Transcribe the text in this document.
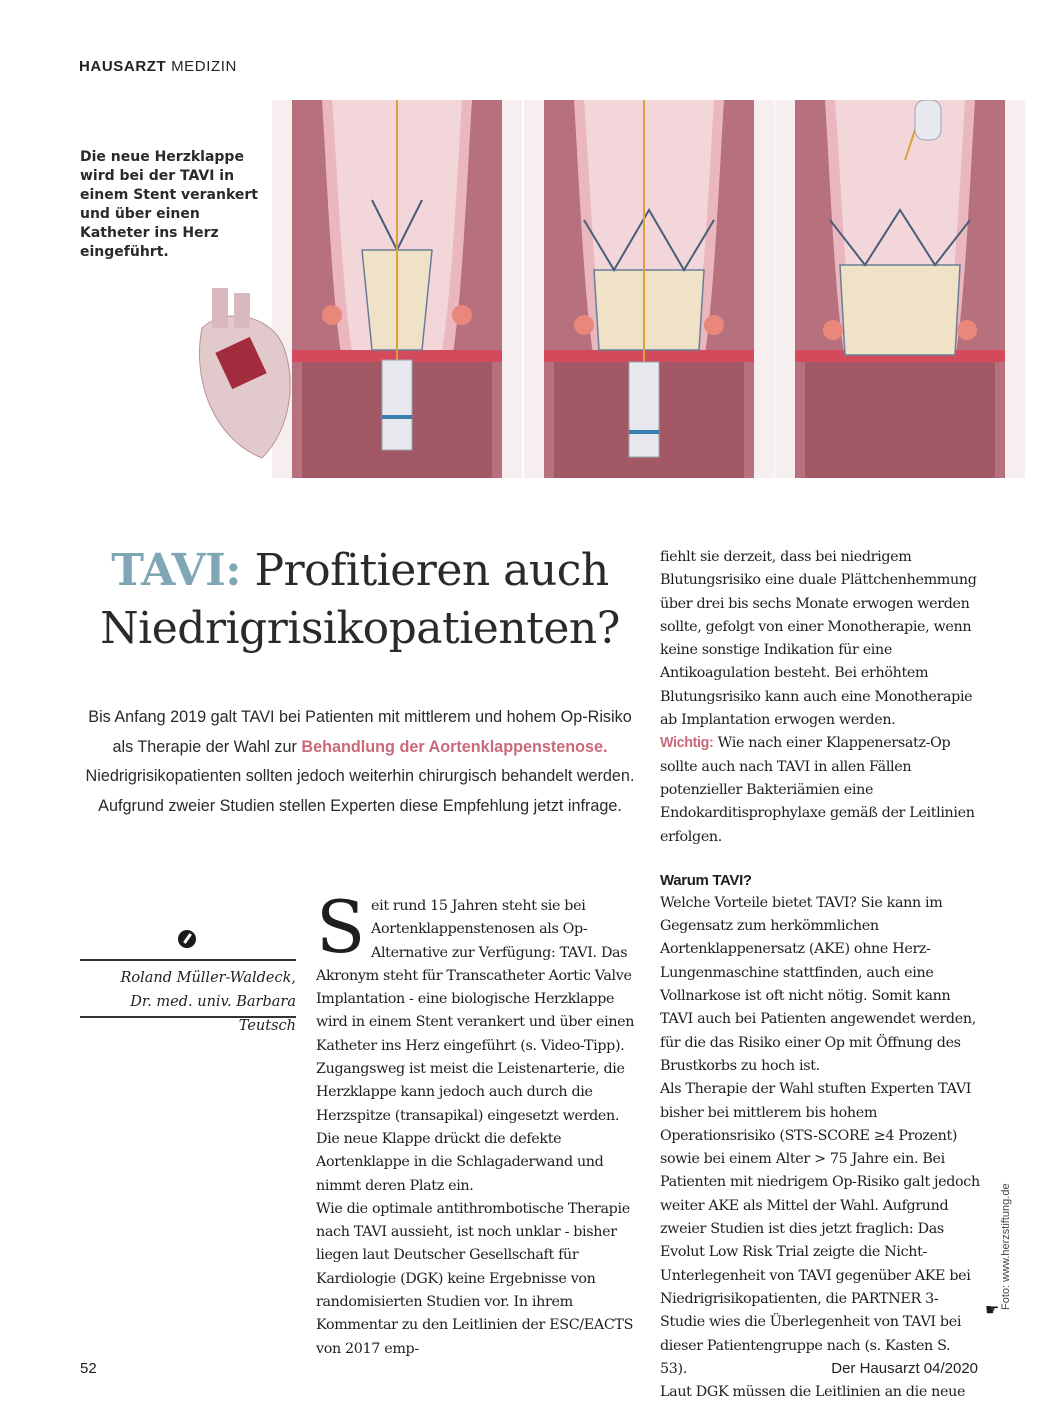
HAUSARZT MEDIZIN
Die neue Herzklappe wird bei der TAVI in einem Stent verankert und über einen Katheter ins Herz eingeführt.
TAVI: Profitieren auch
Niedrigrisikopatienten?
Bis Anfang 2019 galt TAVI bei Patienten mit mittlerem und hohem Op-Risiko als Therapie der Wahl zur Behandlung der Aortenklappenstenose. Niedrigrisikopatienten sollten jedoch weiterhin chirurgisch behandelt werden. Aufgrund zweier Studien stellen Experten diese Empfehlung jetzt infrage.
Roland Müller-Waldeck,
Dr. med. univ. Barbara Teutsch

Seit rund 15 Jahren steht sie bei Aortenklappenstenosen als Op-Alternative zur Verfügung: TAVI. Das Akronym steht für Transcatheter Aortic Valve Implantation - eine biologische Herzklappe wird in einem Stent verankert und über einen Katheter ins Herz eingeführt (s. Video-Tipp). Zugangsweg ist meist die Leistenarterie, die Herzklappe kann jedoch auch durch die Herzspitze (transapikal) eingesetzt werden. Die neue Klappe drückt die defekte Aortenklappe in die Schlagaderwand und nimmt deren Platz ein.

Wie die optimale antithrombotische Therapie nach TAVI aussieht, ist noch unklar - bisher liegen laut Deutscher Gesellschaft für Kardiologie (DGK) keine Ergebnisse von randomisierten Studien vor. In ihrem Kommentar zu den Leitlinien der ESC/EACTS von 2017 emp-

fiehlt sie derzeit, dass bei niedrigem Blutungsrisiko eine duale Plättchenhemmung über drei bis sechs Monate erwogen werden sollte, gefolgt von einer Monotherapie, wenn keine sonstige Indikation für eine Antikoagulation besteht. Bei erhöhtem Blutungsrisiko kann auch eine Monotherapie ab Implantation erwogen werden.

Wichtig: Wie nach einer Klappenersatz-Op sollte auch nach TAVI in allen Fällen potenzieller Bakteriämien eine Endokarditisprophylaxe gemäß der Leitlinien erfolgen.

Warum TAVI?

Welche Vorteile bietet TAVI? Sie kann im Gegensatz zum herkömmlichen Aortenklappenersatz (AKE) ohne Herz-Lungenmaschine stattfinden, auch eine Vollnarkose ist oft nicht nötig. Somit kann TAVI auch bei Patienten angewendet werden, für die das Risiko einer Op mit Öffnung des Brustkorbs zu hoch ist.

Als Therapie der Wahl stuften Experten TAVI bisher bei mittlerem bis hohem Operationsrisiko (STS-SCORE ≥4 Prozent) sowie bei einem Alter > 75 Jahre ein. Bei Patienten mit niedrigem Op-Risiko galt jedoch weiter AKE als Mittel der Wahl. Aufgrund zweier Studien ist dies jetzt fraglich: Das Evolut Low Risk Trial zeigte die Nicht-Unterlegenheit von TAVI gegenüber AKE bei Niedrigrisikopatienten, die PARTNER 3-Studie wies die Überlegenheit von TAVI bei dieser Patientengruppe nach (s. Kasten S. 53).

Laut DGK müssen die Leitlinien an die neue

☛ Foto: www.herzstiftung.de
52	Der Hausarzt 04/2020
